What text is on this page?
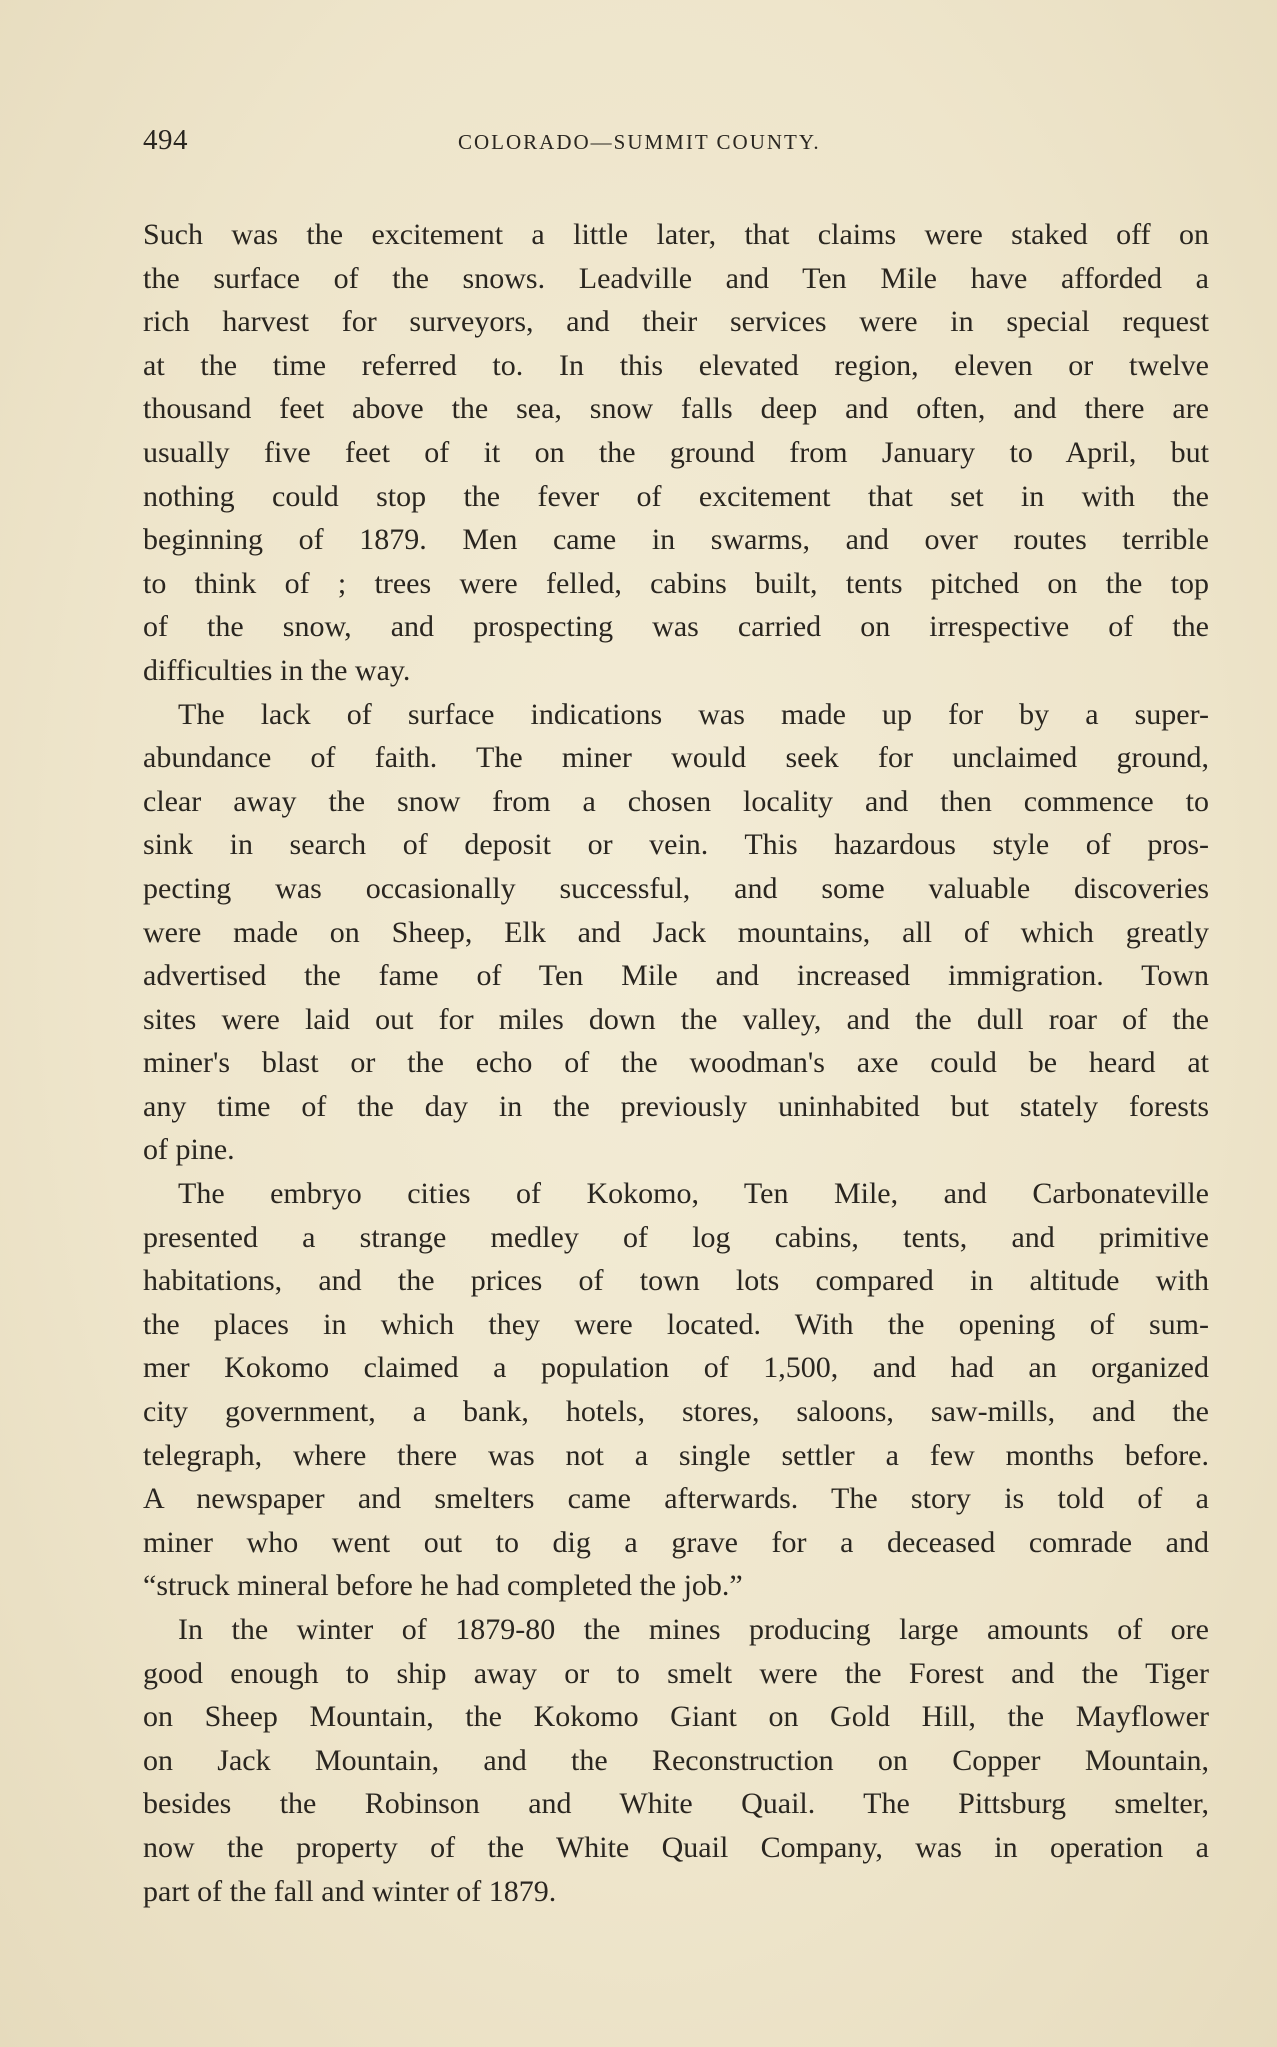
494	COLORADO—SUMMIT COUNTY.
Such was the excitement a little later, that claims were staked off on
the surface of the snows. Leadville and Ten Mile have afforded a
rich harvest for surveyors, and their services were in special request
at the time referred to. In this elevated region, eleven or twelve
thousand feet above the sea, snow falls deep and often, and there are
usually five feet of it on the ground from January to April, but
nothing could stop the fever of excitement that set in with the
beginning of 1879. Men came in swarms, and over routes terrible
to think of ; trees were felled, cabins built, tents pitched on the top
of the snow, and prospecting was carried on irrespective of the
difficulties in the way.
The lack of surface indications was made up for by a super-
abundance of faith. The miner would seek for unclaimed ground,
clear away the snow from a chosen locality and then commence to
sink in search of deposit or vein. This hazardous style of pros-
pecting was occasionally successful, and some valuable discoveries
were made on Sheep, Elk and Jack mountains, all of which greatly
advertised the fame of Ten Mile and increased immigration. Town
sites were laid out for miles down the valley, and the dull roar of the
miner's blast or the echo of the woodman's axe could be heard at
any time of the day in the previously uninhabited but stately forests
of pine.
The embryo cities of Kokomo, Ten Mile, and Carbonateville
presented a strange medley of log cabins, tents, and primitive
habitations, and the prices of town lots compared in altitude with
the places in which they were located. With the opening of sum-
mer Kokomo claimed a population of 1,500, and had an organized
city government, a bank, hotels, stores, saloons, saw-mills, and the
telegraph, where there was not a single settler a few months before.
A newspaper and smelters came afterwards. The story is told of a
miner who went out to dig a grave for a deceased comrade and
“struck mineral before he had completed the job.”
In the winter of 1879-80 the mines producing large amounts of ore
good enough to ship away or to smelt were the Forest and the Tiger
on Sheep Mountain, the Kokomo Giant on Gold Hill, the Mayflower
on Jack Mountain, and the Reconstruction on Copper Mountain,
besides the Robinson and White Quail. The Pittsburg smelter,
now the property of the White Quail Company, was in operation a
part of the fall and winter of 1879.
